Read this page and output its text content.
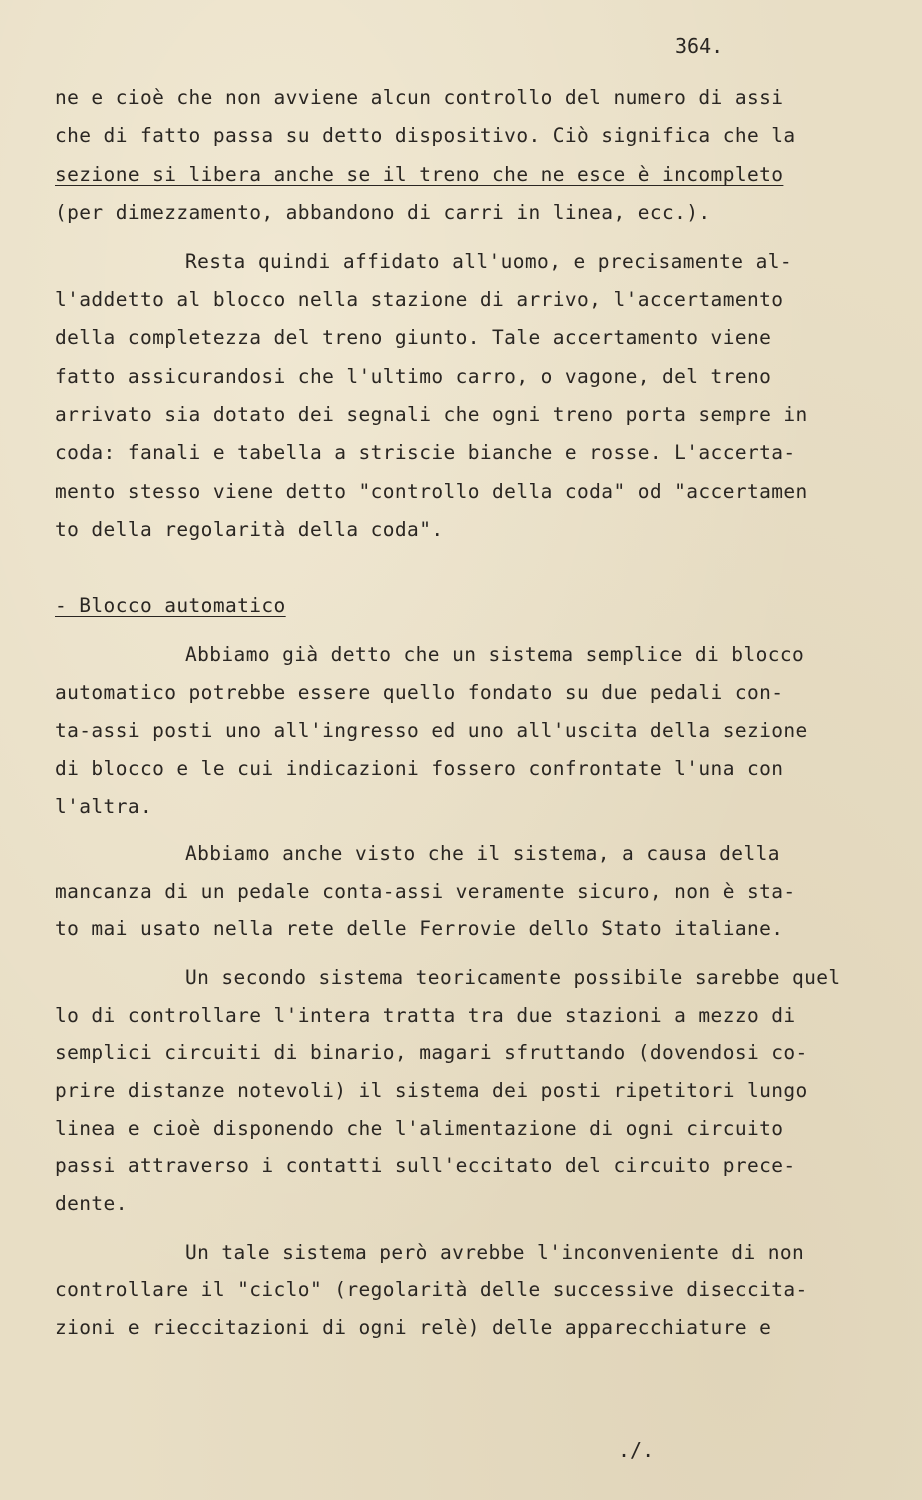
364.
ne e cioè che non avviene alcun controllo del numero di assi
che di fatto passa su detto dispositivo. Ciò significa che la
sezione si libera anche se il treno che ne esce è incompleto
(per dimezzamento, abbandono di carri in linea, ecc.).
Resta quindi affidato all'uomo, e precisamente al-
l'addetto al blocco nella stazione di arrivo, l'accertamento
della completezza del treno giunto. Tale accertamento viene
fatto assicurandosi che l'ultimo carro, o vagone, del treno
arrivato sia dotato dei segnali che ogni treno porta sempre in
coda: fanali e tabella a striscie bianche e rosse. L'accerta-
mento stesso viene detto "controllo della coda" od "accertamen
to della regolarità della coda".
- Blocco automatico
Abbiamo già detto che un sistema semplice di blocco
automatico potrebbe essere quello fondato su due pedali con-
ta-assi posti uno all'ingresso ed uno all'uscita della sezione
di blocco e le cui indicazioni fossero confrontate l'una con
l'altra.
Abbiamo anche visto che il sistema, a causa della
mancanza di un pedale conta-assi veramente sicuro, non è sta-
to mai usato nella rete delle Ferrovie dello Stato italiane.
Un secondo sistema teoricamente possibile sarebbe quel
lo di controllare l'intera tratta tra due stazioni a mezzo di
semplici circuiti di binario, magari sfruttando (dovendosi co-
prire distanze notevoli) il sistema dei posti ripetitori lungo
linea e cioè disponendo che l'alimentazione di ogni circuito
passi attraverso i contatti sull'eccitato del circuito prece-
dente.
Un tale sistema però avrebbe l'inconveniente di non
controllare il "ciclo" (regolarità delle successive diseccita-
zioni e rieccitazioni di ogni relè) delle apparecchiature e
./.
